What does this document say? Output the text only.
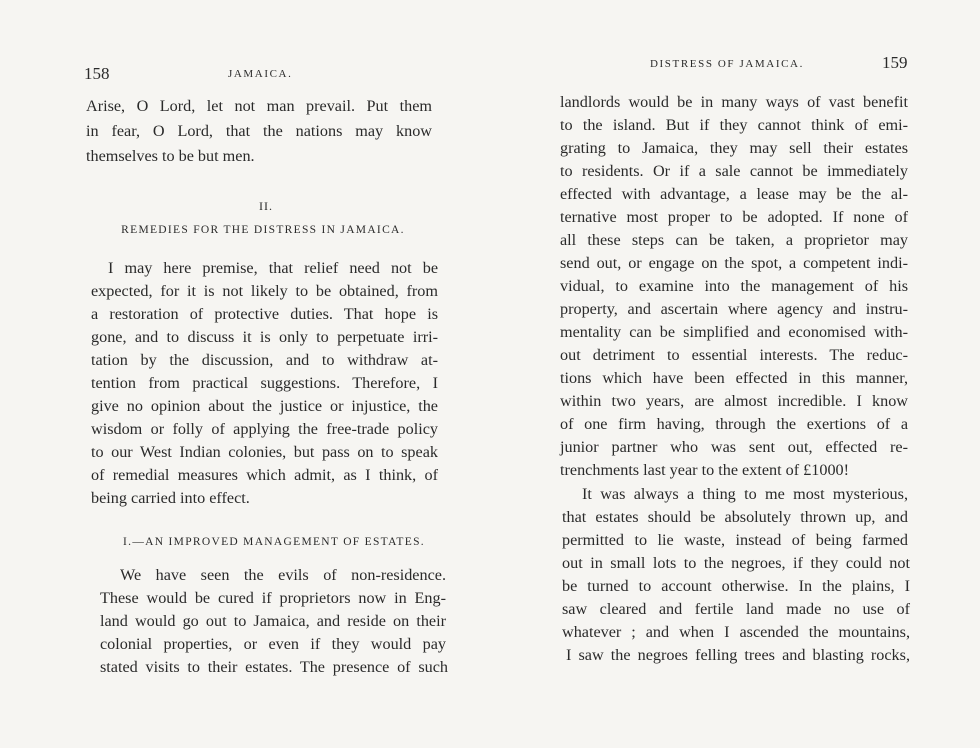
158	JAMAICA.
Arise, O Lord, let not man prevail. Put them
in fear, O Lord, that the nations may know
themselves to be but men.
II.
REMEDIES FOR THE DISTRESS IN JAMAICA.
I may here premise, that relief need not be
expected, for it is not likely to be obtained, from
a restoration of protective duties. That hope is
gone, and to discuss it is only to perpetuate irri-
tation by the discussion, and to withdraw at-
tention from practical suggestions. Therefore, I
give no opinion about the justice or injustice, the
wisdom or folly of applying the free-trade policy
to our West Indian colonies, but pass on to speak
of remedial measures which admit, as I think, of
being carried into effect.
I.—AN IMPROVED MANAGEMENT OF ESTATES.
We have seen the evils of non-residence.
These would be cured if proprietors now in Eng-
land would go out to Jamaica, and reside on their
colonial properties, or even if they would pay
stated visits to their estates. The presence of such
DISTRESS OF JAMAICA.	159
landlords would be in many ways of vast benefit
to the island. But if they cannot think of emi-
grating to Jamaica, they may sell their estates
to residents. Or if a sale cannot be immediately
effected with advantage, a lease may be the al-
ternative most proper to be adopted. If none of
all these steps can be taken, a proprietor may
send out, or engage on the spot, a competent indi-
vidual, to examine into the management of his
property, and ascertain where agency and instru-
mentality can be simplified and economised with-
out detriment to essential interests. The reduc-
tions which have been effected in this manner,
within two years, are almost incredible. I know
of one firm having, through the exertions of a
junior partner who was sent out, effected re-
trenchments last year to the extent of £1000!
It was always a thing to me most mysterious,
that estates should be absolutely thrown up, and
permitted to lie waste, instead of being farmed
out in small lots to the negroes, if they could not
be turned to account otherwise. In the plains, I
saw cleared and fertile land made no use of
whatever ; and when I ascended the mountains,
I saw the negroes felling trees and blasting rocks,
